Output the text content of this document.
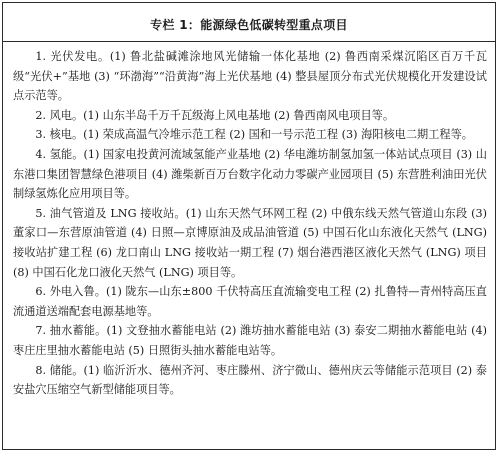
专栏 1：能源绿色低碳转型重点项目

1. 光伏发电。(1) 鲁北盐碱滩涂地风光储输一体化基地 (2) 鲁西南采煤沉陷区百万千瓦级“光伏+”基地 (3) “环渤海”“沿黄海”海上光伏基地 (4) 整县屋顶分布式光伏规模化开发建设试点示范等。

2. 风电。(1) 山东半岛千万千瓦级海上风电基地 (2) 鲁西南风电项目等。

3. 核电。(1) 荣成高温气冷堆示范工程 (2) 国和一号示范工程 (3) 海阳核电二期工程等。

4. 氢能。(1) 国家电投黄河流域氢能产业基地 (2) 华电潍坊制氢加氢一体站试点项目 (3) 山东港口集团智慧绿色港项目 (4) 潍柴新百万台数字化动力零碳产业园项目 (5) 东营胜利油田光伏制绿氢炼化应用项目等。

5. 油气管道及 LNG 接收站。(1) 山东天然气环网工程 (2) 中俄东线天然气管道山东段 (3) 董家口—东营原油管道 (4) 日照—京博原油及成品油管道 (5) 中国石化山东液化天然气 (LNG) 接收站扩建工程 (6) 龙口南山 LNG 接收站一期工程 (7) 烟台港西港区液化天然气 (LNG) 项目 (8) 中国石化龙口液化天然气 (LNG) 项目等。

6. 外电入鲁。(1) 陇东—山东±800 千伏特高压直流输变电工程 (2) 扎鲁特—青州特高压直流通道送端配套电源基地等。

7. 抽水蓄能。(1) 文登抽水蓄能电站 (2) 潍坊抽水蓄能电站 (3) 泰安二期抽水蓄能电站 (4) 枣庄庄里抽水蓄能电站 (5) 日照街头抽水蓄能电站等。

8. 储能。(1) 临沂沂水、德州齐河、枣庄滕州、济宁微山、德州庆云等储能示范项目 (2) 泰安盐穴压缩空气新型储能项目等。
